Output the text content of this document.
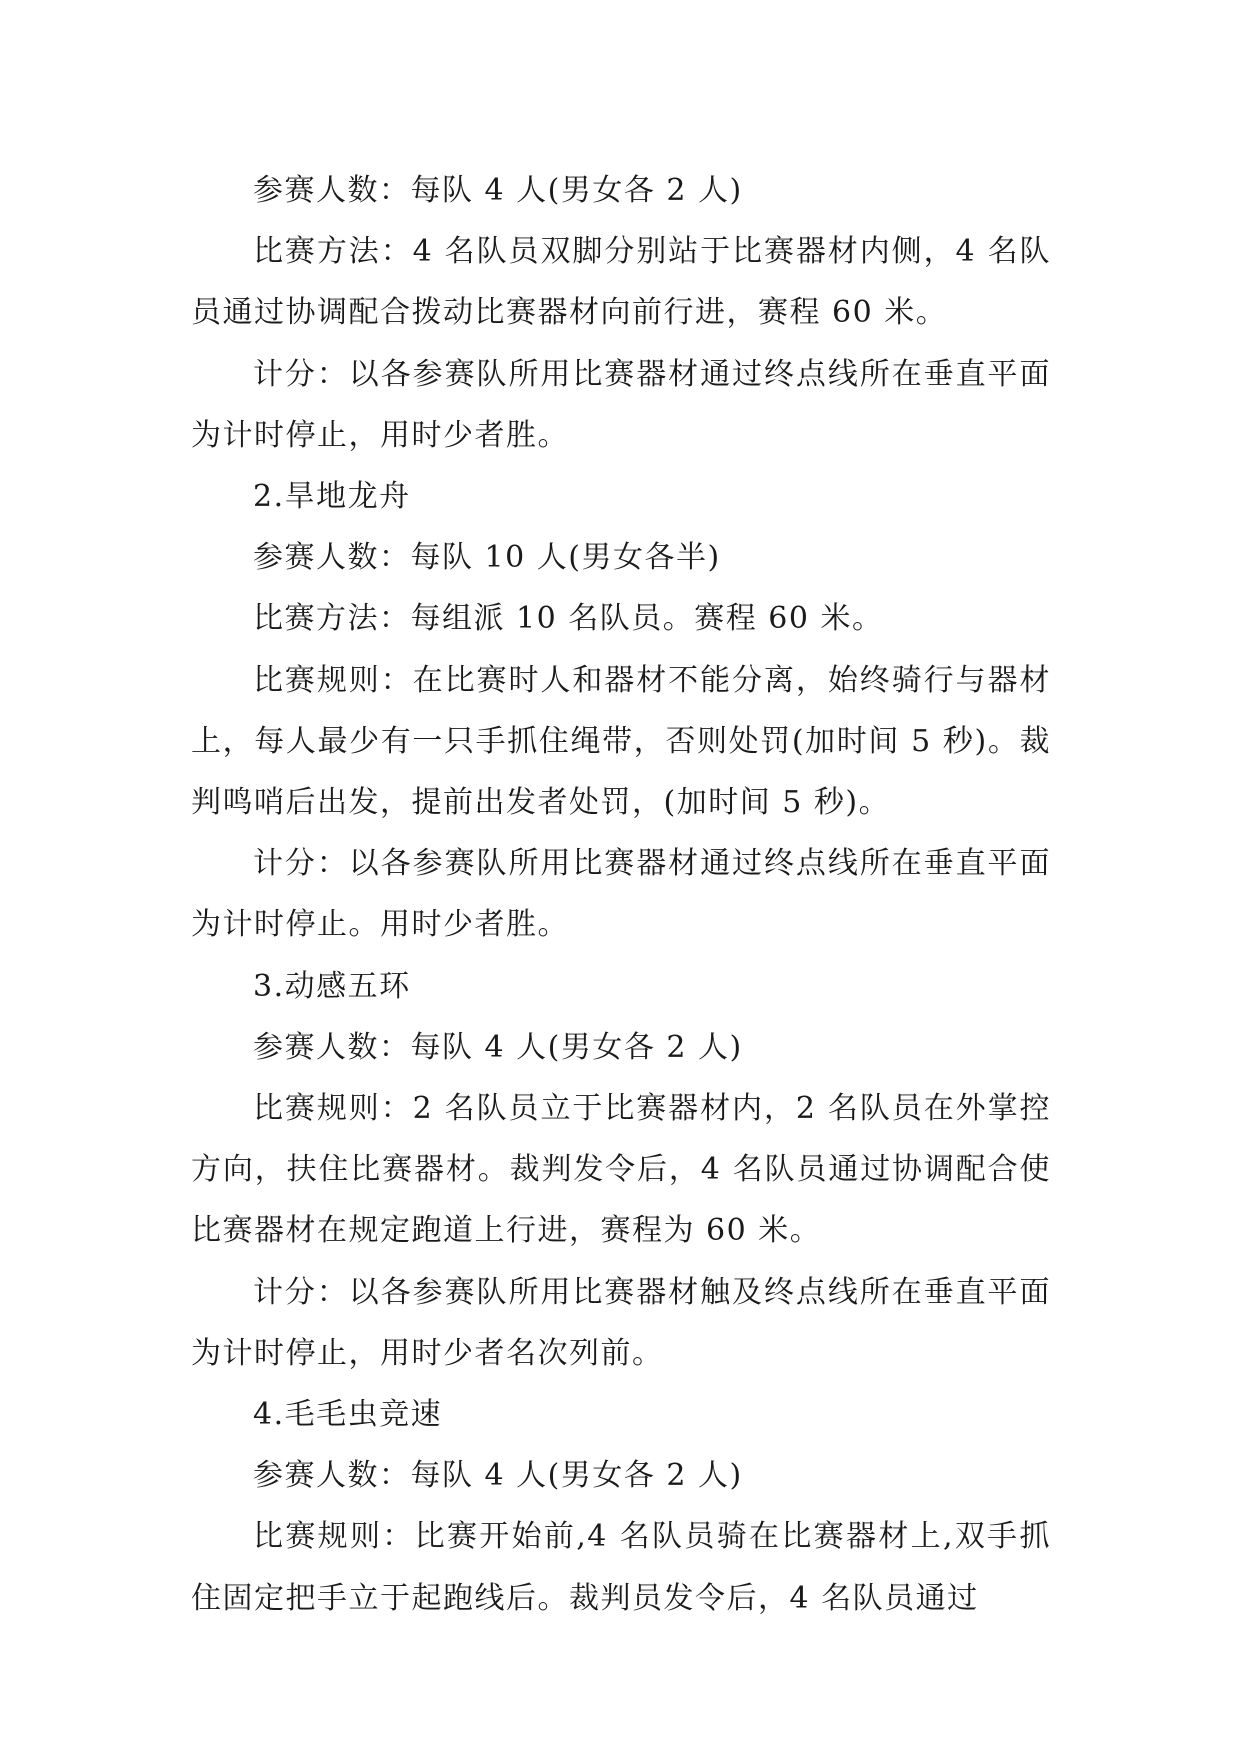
参赛人数：每队 4 人(男女各 2 人)

比赛方法：4 名队员双脚分别站于比赛器材内侧，4 名队员通过协调配合拨动比赛器材向前行进，赛程 60 米。

计分：以各参赛队所用比赛器材通过终点线所在垂直平面为计时停止，用时少者胜。

2.旱地龙舟

参赛人数：每队 10 人(男女各半)

比赛方法：每组派 10 名队员。赛程 60 米。

比赛规则：在比赛时人和器材不能分离，始终骑行与器材上，每人最少有一只手抓住绳带，否则处罚(加时间 5 秒)。裁判鸣哨后出发，提前出发者处罚，(加时间 5 秒)。

计分：以各参赛队所用比赛器材通过终点线所在垂直平面为计时停止。用时少者胜。

3.动感五环

参赛人数：每队 4 人(男女各 2 人)

比赛规则：2 名队员立于比赛器材内，2 名队员在外掌控方向，扶住比赛器材。裁判发令后，4 名队员通过协调配合使比赛器材在规定跑道上行进，赛程为 60 米。

计分：以各参赛队所用比赛器材触及终点线所在垂直平面为计时停止，用时少者名次列前。

4.毛毛虫竞速

参赛人数：每队 4 人(男女各 2 人)

比赛规则：比赛开始前,4 名队员骑在比赛器材上,双手抓住固定把手立于起跑线后。裁判员发令后，4 名队员通过
